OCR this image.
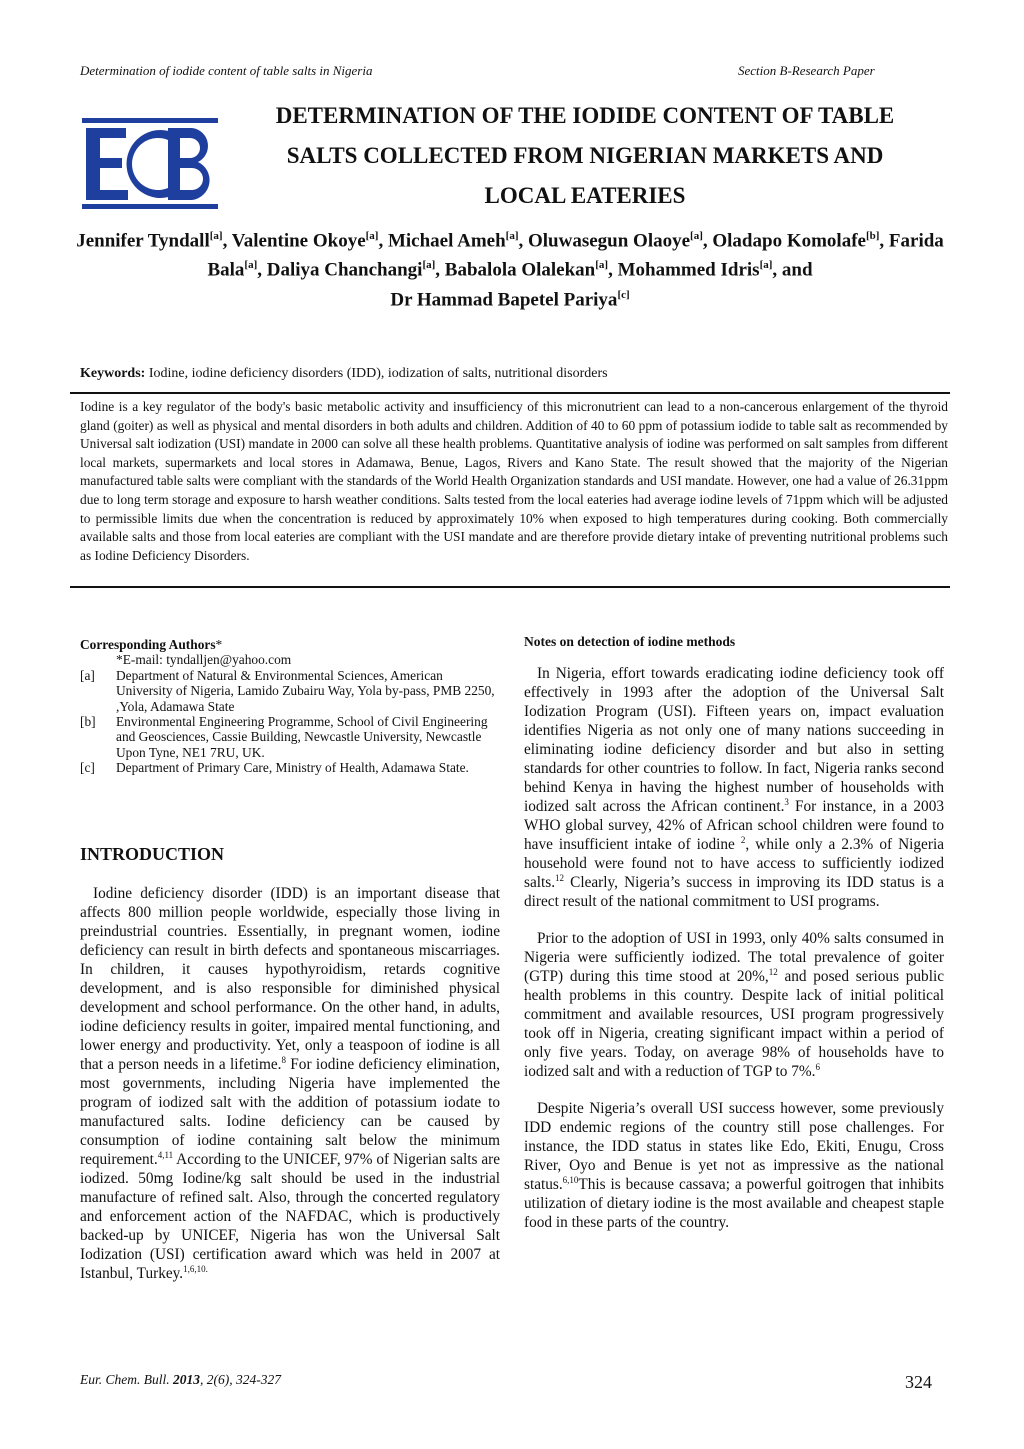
Determination of iodide content of table salts in Nigeria	Section B-Research Paper
DETERMINATION OF THE IODIDE CONTENT OF TABLE
SALTS COLLECTED FROM NIGERIAN MARKETS AND
LOCAL EATERIES
Jennifer Tyndall[a], Valentine Okoye[a], Michael Ameh[a], Oluwasegun Olaoye[a], Oladapo Komolafe[b], Farida Bala[a], Daliya Chanchangi[a], Babalola Olalekan[a], Mohammed Idris[a], and
Dr Hammad Bapetel Pariya[c]
Keywords: Iodine, iodine deficiency disorders (IDD), iodization of salts, nutritional disorders
Iodine is a key regulator of the body's basic metabolic activity and insufficiency of this micronutrient can lead to a non-cancerous enlargement of the thyroid gland (goiter) as well as physical and mental disorders in both adults and children. Addition of 40 to 60 ppm of potassium iodide to table salt as recommended by Universal salt iodization (USI) mandate in 2000 can solve all these health problems. Quantitative analysis of iodine was performed on salt samples from different local markets, supermarkets and local stores in Adamawa, Benue, Lagos, Rivers and Kano State. The result showed that the majority of the Nigerian manufactured table salts were compliant with the standards of the World Health Organization standards and USI mandate. However, one had a value of 26.31ppm due to long term storage and exposure to harsh weather conditions. Salts tested from the local eateries had average iodine levels of 71ppm which will be adjusted to permissible limits due when the concentration is reduced by approximately 10% when exposed to high temperatures during cooking. Both commercially available salts and those from local eateries are compliant with the USI mandate and are therefore provide dietary intake of preventing nutritional problems such as Iodine Deficiency Disorders.
Corresponding Authors*
*E-mail: tyndalljen@yahoo.com
[a]	Department of Natural & Environmental Sciences, American University of Nigeria, Lamido Zubairu Way, Yola by-pass, PMB 2250, ,Yola, Adamawa State
[b]	Environmental Engineering Programme, School of Civil Engineering and Geosciences, Cassie Building, Newcastle University, Newcastle Upon Tyne, NE1 7RU, UK.
[c]	Department of Primary Care, Ministry of Health, Adamawa State.
INTRODUCTION

Iodine deficiency disorder (IDD) is an important disease that affects 800 million people worldwide, especially those living in preindustrial countries. Essentially, in pregnant women, iodine deficiency can result in birth defects and spontaneous miscarriages. In children, it causes hypothyroidism, retards cognitive development, and is also responsible for diminished physical development and school performance. On the other hand, in adults, iodine deficiency results in goiter, impaired mental functioning, and lower energy and productivity. Yet, only a teaspoon of iodine is all that a person needs in a lifetime.$^8$ For iodine deficiency elimination, most governments, including Nigeria have implemented the program of iodized salt with the addition of potassium iodate to manufactured salts. Iodine deficiency can be caused by consumption of iodine containing salt below the minimum requirement.$^{4,11}$ According to the UNICEF, 97% of Nigerian salts are iodized. 50mg Iodine/kg salt should be used in the industrial manufacture of refined salt. Also, through the concerted regulatory and enforcement action of the NAFDAC, which is productively backed-up by UNICEF, Nigeria has won the Universal Salt Iodization (USI) certification award which was held in 2007 at Istanbul, Turkey.$^{1,6,10.}$

Notes on detection of iodine methods

In Nigeria, effort towards eradicating iodine deficiency took off effectively in 1993 after the adoption of the Universal Salt Iodization Program (USI). Fifteen years on, impact evaluation identifies Nigeria as not only one of many nations succeeding in eliminating iodine deficiency disorder and but also in setting standards for other countries to follow. In fact, Nigeria ranks second behind Kenya in having the highest number of households with iodized salt across the African continent.$^3$ For instance, in a 2003 WHO global survey, 42% of African school children were found to have insufficient intake of iodine $^2$, while only a 2.3% of Nigeria household were found not to have access to sufficiently iodized salts.$^{12}$ Clearly, Nigeria’s success in improving its IDD status is a direct result of the national commitment to USI programs.

Prior to the adoption of USI in 1993, only 40% salts consumed in Nigeria were sufficiently iodized. The total prevalence of goiter (GTP) during this time stood at 20%,$^{12}$ and posed serious public health problems in this country. Despite lack of initial political commitment and available resources, USI program progressively took off in Nigeria, creating significant impact within a period of only five years. Today, on average 98% of households have to iodized salt and with a reduction of TGP to 7%.$^6$

Despite Nigeria’s overall USI success however, some previously IDD endemic regions of the country still pose challenges. For instance, the IDD status in states like Edo, Ekiti, Enugu, Cross River, Oyo and Benue is yet not as impressive as the national status.$^{6,10}$This is because cassava; a powerful goitrogen that inhibits utilization of dietary iodine is the most available and cheapest staple food in these parts of the country.

Eur. Chem. Bull. 2013, 2(6), 324-327	324
